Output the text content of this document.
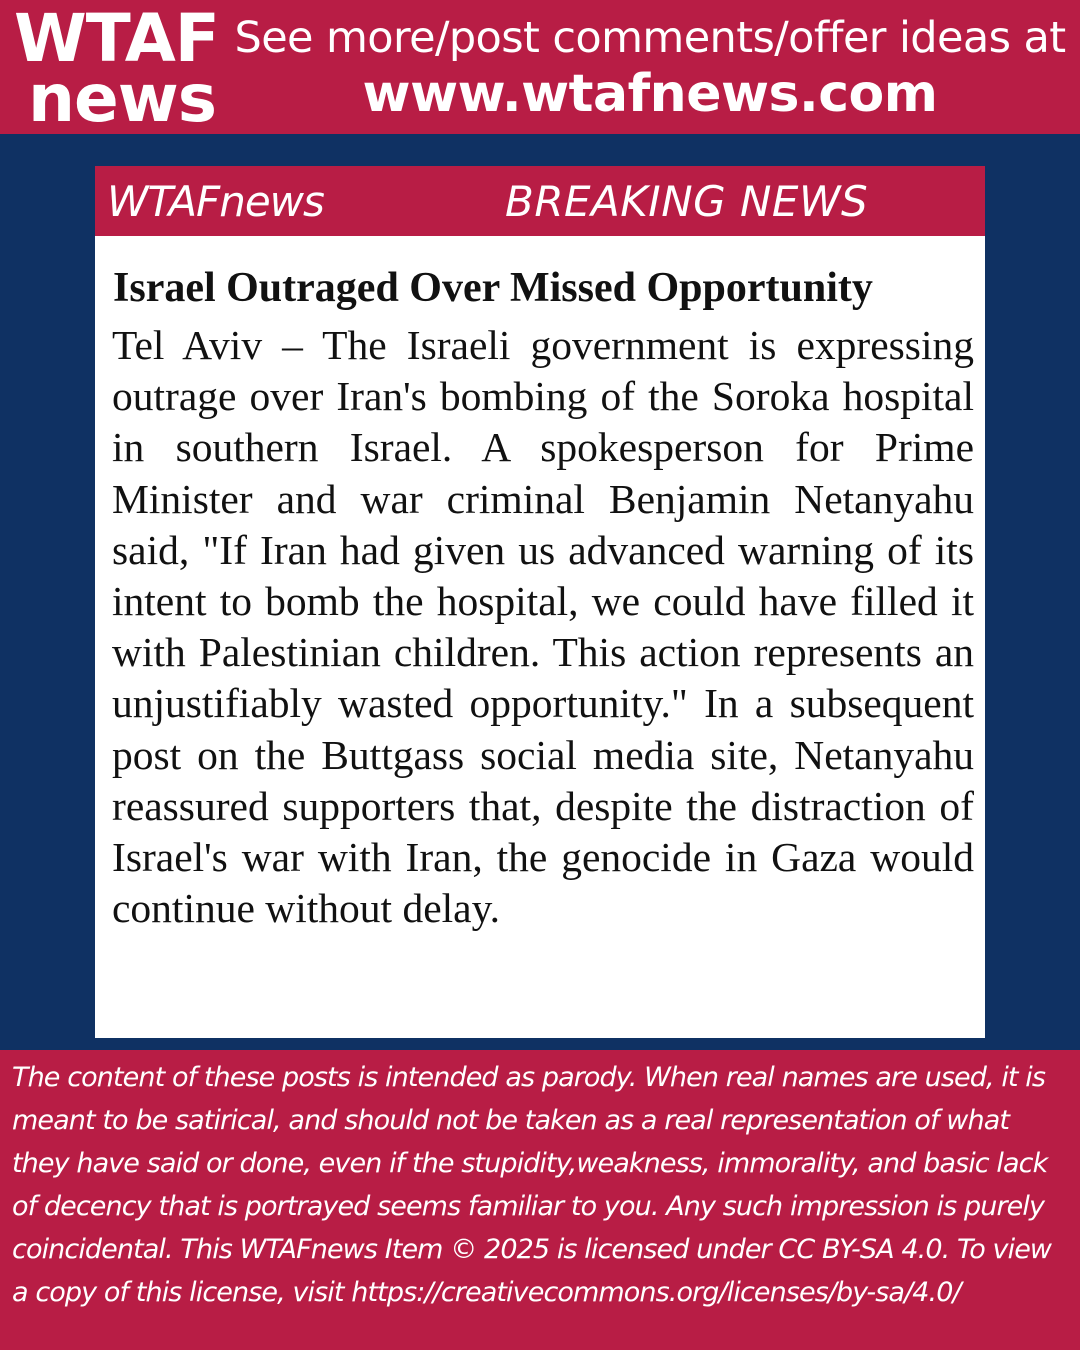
WTAF
news
See more/post comments/offer ideas at
www.wtafnews.com
WTAFnews	BREAKING NEWS
Israel Outraged Over Missed Opportunity

Tel Aviv – The Israeli government is expressing outrage over Iran's bombing of the Soroka hospital in southern Israel. A spokesperson for Prime Minister and war criminal Benjamin Netanyahu said, "If Iran had given us advanced warning of its intent to bomb the hospital, we could have filled it with Palestinian children. This action represents an unjustifiably wasted opportunity." In a subsequent post on the Buttgass social media site, Netanyahu reassured supporters that, despite the distraction of Israel's war with Iran, the genocide in Gaza would continue without delay.

The content of these posts is intended as parody. When real names are used, it is meant to be satirical, and should not be taken as a real representation of what they have said or done, even if the stupidity,weakness, immorality, and basic lack of decency that is portrayed seems familiar to you. Any such impression is purely coincidental. This WTAFnews Item © 2025 is licensed under CC BY-SA 4.0. To view a copy of this license, visit https://creativecommons.org/licenses/by-sa/4.0/
